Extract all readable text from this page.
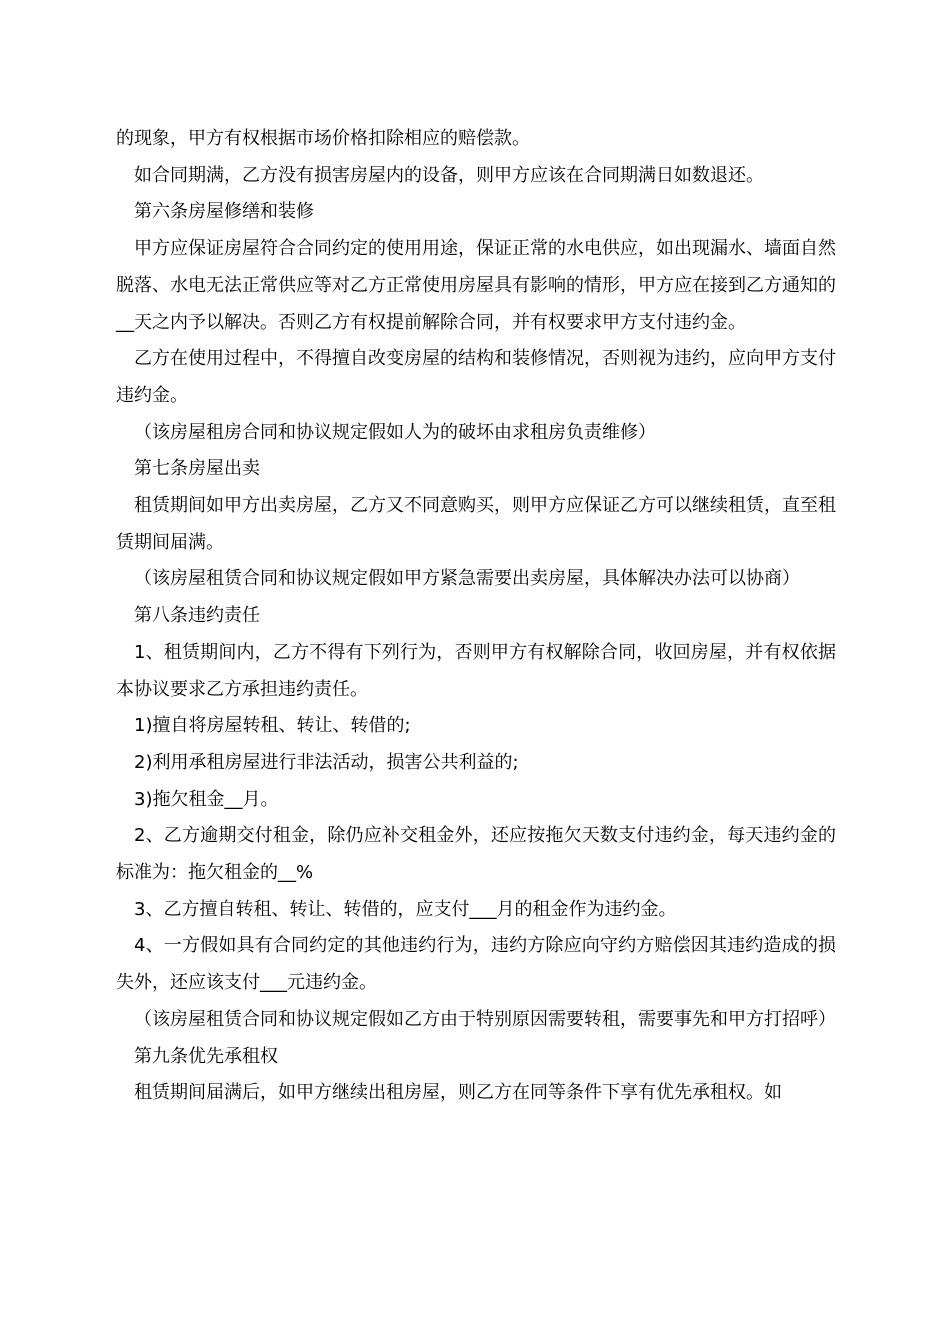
的现象，甲方有权根据市场价格扣除相应的赔偿款。

如合同期满，乙方没有损害房屋内的设备，则甲方应该在合同期满日如数退还。

第六条房屋修缮和装修

甲方应保证房屋符合合同约定的使用用途，保证正常的水电供应，如出现漏水、墙面自然脱落、水电无法正常供应等对乙方正常使用房屋具有影响的情形，甲方应在接到乙方通知的__天之内予以解决。否则乙方有权提前解除合同，并有权要求甲方支付违约金。

乙方在使用过程中，不得擅自改变房屋的结构和装修情况，否则视为违约，应向甲方支付违约金。

（该房屋租房合同和协议规定假如人为的破坏由求租房负责维修）

第七条房屋出卖

租赁期间如甲方出卖房屋，乙方又不同意购买，则甲方应保证乙方可以继续租赁，直至租赁期间届满。

（该房屋租赁合同和协议规定假如甲方紧急需要出卖房屋，具体解决办法可以协商）

第八条违约责任

1、租赁期间内，乙方不得有下列行为，否则甲方有权解除合同，收回房屋，并有权依据本协议要求乙方承担违约责任。

1)擅自将房屋转租、转让、转借的;

2)利用承租房屋进行非法活动，损害公共利益的;

3)拖欠租金__月。

2、乙方逾期交付租金，除仍应补交租金外，还应按拖欠天数支付违约金，每天违约金的标准为：拖欠租金的__%

3、乙方擅自转租、转让、转借的，应支付___月的租金作为违约金。

4、一方假如具有合同约定的其他违约行为，违约方除应向守约方赔偿因其违约造成的损失外，还应该支付___元违约金。

（该房屋租赁合同和协议规定假如乙方由于特别原因需要转租，需要事先和甲方打招呼）

第九条优先承租权

租赁期间届满后，如甲方继续出租房屋，则乙方在同等条件下享有优先承租权。如
